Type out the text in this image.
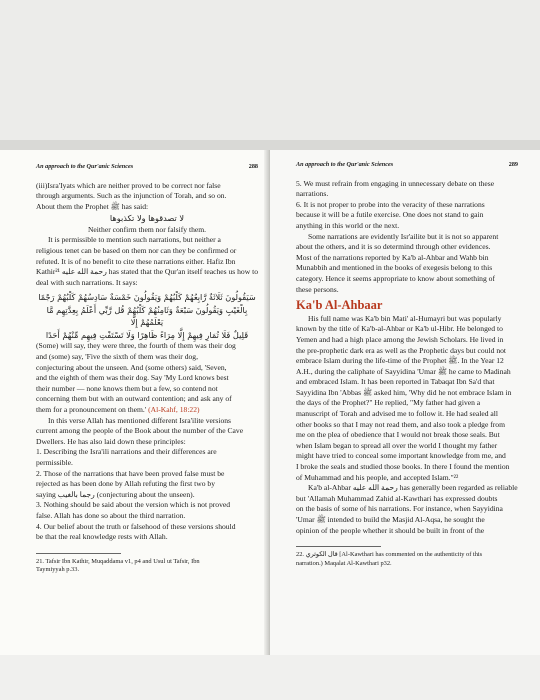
An approach to the Qur'anic Sciences	288
(iii)Isra'Iyats which are neither proved to be correct nor false
through arguments. Such as the injunction of Torah, and so on.
About them the Prophet ﷺ has said:
لا تصدقوها ولا تكذبوها
Neither confirm them nor falsify them.
It is permissible to mention such narrations, but neither a
religious tenet can be based on them nor can they be confirmed or
refuted. It is of no benefit to cite these narrations either. Hafiz Ibn
Kathir²¹ رحمة الله عليه has stated that the Qur'an itself teaches us how to
deal with such narrations. It says:
سَيَقُولُونَ ثَلَاثَةٌ رَّابِعُهُمْ كَلْبُهُمْ وَيَقُولُونَ خَمْسَةٌ سَادِسُهُمْ كَلْبُهُمْ رَجْمًا
بِالْغَيْبِ وَيَقُولُونَ سَبْعَةٌ وَثَامِنُهُمْ كَلْبُهُمْ قُل رَّبِّي أَعْلَمُ بِعِدَّتِهِم مَّا يَعْلَمُهُمْ إِلَّا
قَلِيلٌ فَلَا تُمَارِ فِيهِمْ إِلَّا مِرَاءً ظَاهِرًا وَلَا تَسْتَفْتِ فِيهِم مِّنْهُمْ أَحَدًا
(Some) will say, they were three, the fourth of them was their dog
and (some) say, 'Five the sixth of them was their dog,
conjecturing about the unseen. And (some others) said, 'Seven,
and the eighth of them was their dog. Say 'My Lord knows best
their number — none knows them but a few, so contend not
concerning them but with an outward contention; and ask any of
them for a pronouncement on them.' (Al-Kahf, 18:22)
In this verse Allah has mentioned different Isra'ilite versions
current among the people of the Book about the number of the Cave
Dwellers. He has also laid down these principles:
1. Describing the Isra'ili narrations and their differences are
permissible.
2. Those of the narrations that have been proved false must be
rejected as has been done by Allah refuting the first two by
saying رجما بالغيب (conjecturing about the unseen).
3. Nothing should be said about the version which is not proved
false. Allah has done so about the third narration.
4. Our belief about the truth or falsehood of these versions should
be that the real knowledge rests with Allah.
21. Tafsir Ibn Kathir, Muqaddama v1, p4 and Usul ut Tafsir, Ibn
Taymiyyah p.33.
An approach to the Qur'anic Sciences	289
5. We must refrain from engaging in unnecessary debate on these
narrations.
6. It is not proper to probe into the veracity of these narrations
because it will be a futile exercise. One does not stand to gain
anything in this world or the next.
Some narrations are evidently Isr'ailite but it is not so apparent
about the others, and it is so determind through other evidences.
Most of the narrations reported by Ka'b al-Ahbar and Wahb bin
Munabbih and mentioned in the books of exegesis belong to this
category. Hence it seems appropriate to know about something of
these persons.
Ka'b Al-Ahbaar
His full name was Ka'b bin Mati' al-Humayri but was popularly
known by the title of Ka'b-al-Ahbar or Ka'b ul-Hibr. He belonged to
Yemen and had a high place among the Jewish Scholars. He lived in
the pre-prophetic dark era as well as the Prophetic days but could not
embrace Islam during the life-time of the Prophet ﷺ. In the Year 12
A.H., during the caliphate of Sayyidina 'Umar ﷺ he came to Madinah
and embraced Islam. It has been reported in Tabaqat Ibn Sa'd that
Sayyidina Ibn 'Abbas ﷺ asked him, 'Why did he not embrace Islam in
the days of the Prophet?" He replied, "My father had given a
manuscript of Torah and advised me to follow it. He had sealed all
other books so that I may not read them, and also took a pledge from
me on the plea of obedience that I would not break those seals. But
when Islam began to spread all over the world I thought my father
might have tried to conceal some important knowledge from me, and
I broke the seals and studied those books. In there I found the mention
of Muhammad and his people, and accepted Islam."²²
Ka'b al-Ahbar رحمة الله عليه has generally been regarded as reliable
but 'Allamah Muhammad Zahid al-Kawthari has expressed doubts
on the basis of some of his narrations. For instance, when Sayyidina
'Umar ﷺ intended to build the Masjid Al-Aqsa, he sought the
opinion of the people whether it should be built in front of the
22. قال الكوثري [Al-Kawthari has commented on the authenticity of this
narration.) Maqalat Al-Kawthari p32.
